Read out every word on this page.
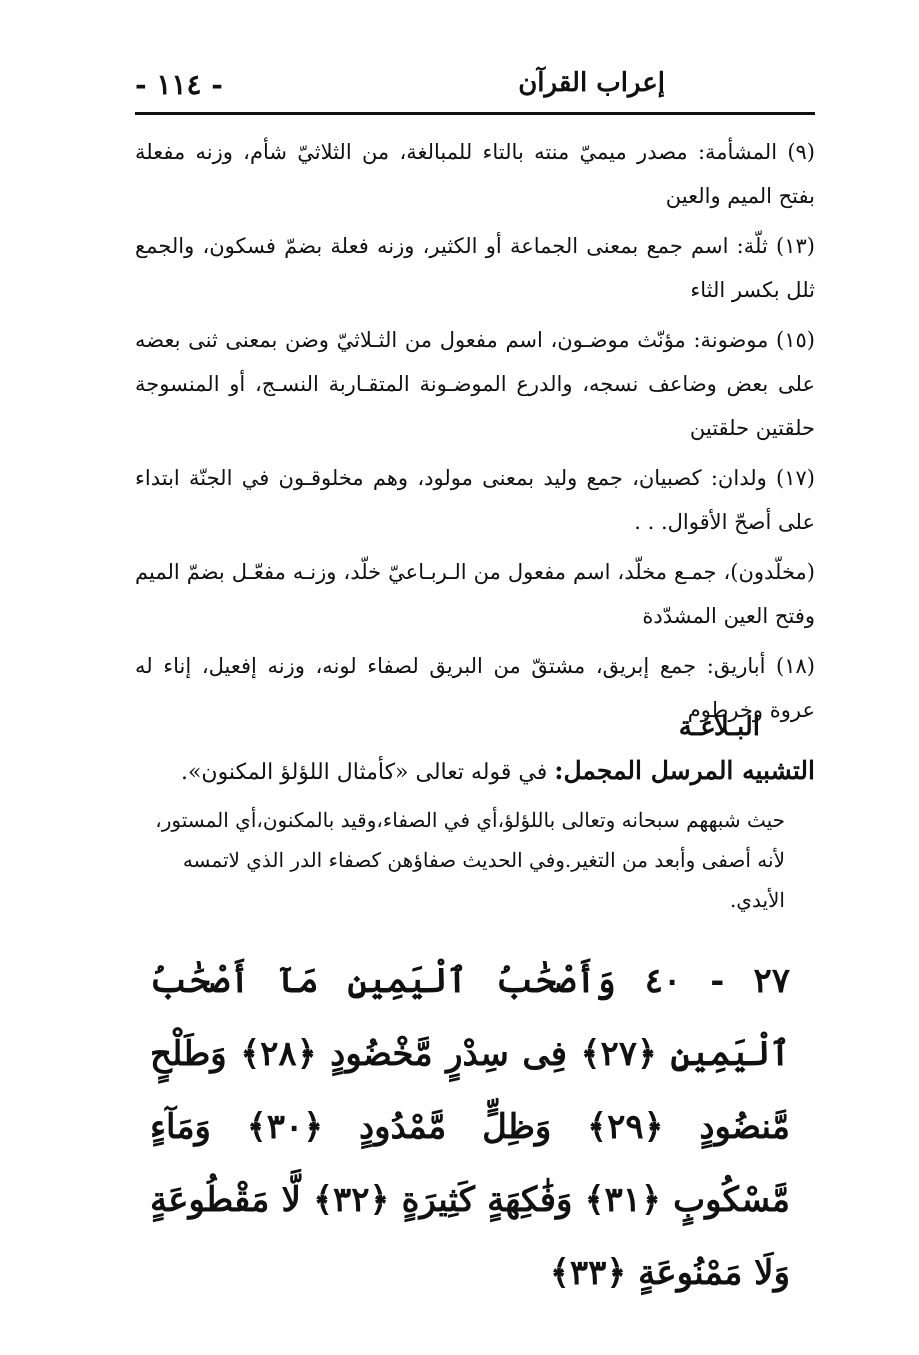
- ١١٤ -	إعراب القرآن

(٩) المشأمة: مصدر ميميّ منته بالتاء للمبالغة، من الثلاثيّ شأم، وزنه مفعلة بفتح الميم والعين

(١٣) ثلّة: اسم جمع بمعنى الجماعة أو الكثير، وزنه فعلة بضمّ فسكون، والجمع ثلل بكسر الثاء

(١٥) موضونة: مؤنّث موضـون، اسم مفعول من الثـلاثيّ وضن بمعنى ثنى بعضه على بعض وضاعف نسجه، والدرع الموضـونة المتقـاربة النسـج، أو المنسوجة حلقتين حلقتين

(١٧) ولدان: كصبيان، جمع وليد بمعنى مولود، وهم مخلوقـون في الجنّة ابتداء على أصحّ الأقوال. . .

(مخلّدون)، جمـع مخلّد، اسم مفعول من الـربـاعيّ خلّد، وزنـه مفعّـل بضمّ الميم وفتح العين المشدّدة

(١٨) أباريق: جمع إبريق، مشتقّ من البريق لصفاء لونه، وزنه إفعيل، إناء له عروة وخرطوم

البـلاغـة
التشبيه المرسل المجمل: في قوله تعالى «كأمثال اللؤلؤ المكنون».
حيث شبههم سبحانه وتعالى باللؤلؤ،أي في الصفاء،وقيد بالمكنون،أي المستور، لأنه أصفى وأبعد من التغير.وفي الحديث صفاؤهن كصفاء الدر الذي لاتمسه الأيدي.
٢٧ - ٤٠ وَأَصْحَٰبُ ٱلْيَمِينِ مَآ أَصْحَٰبُ ٱلْيَمِينِ ﴿٢٧﴾ فِى سِدْرٍ مَّخْضُودٍ ﴿٢٨﴾ وَطَلْحٍ مَّنضُودٍ ﴿٢٩﴾ وَظِلٍّ مَّمْدُودٍ ﴿٣٠﴾ وَمَآءٍ مَّسْكُوبٍ ﴿٣١﴾ وَفَٰكِهَةٍ كَثِيرَةٍ ﴿٣٢﴾ لَّا مَقْطُوعَةٍ وَلَا مَمْنُوعَةٍ ﴿٣٣﴾
